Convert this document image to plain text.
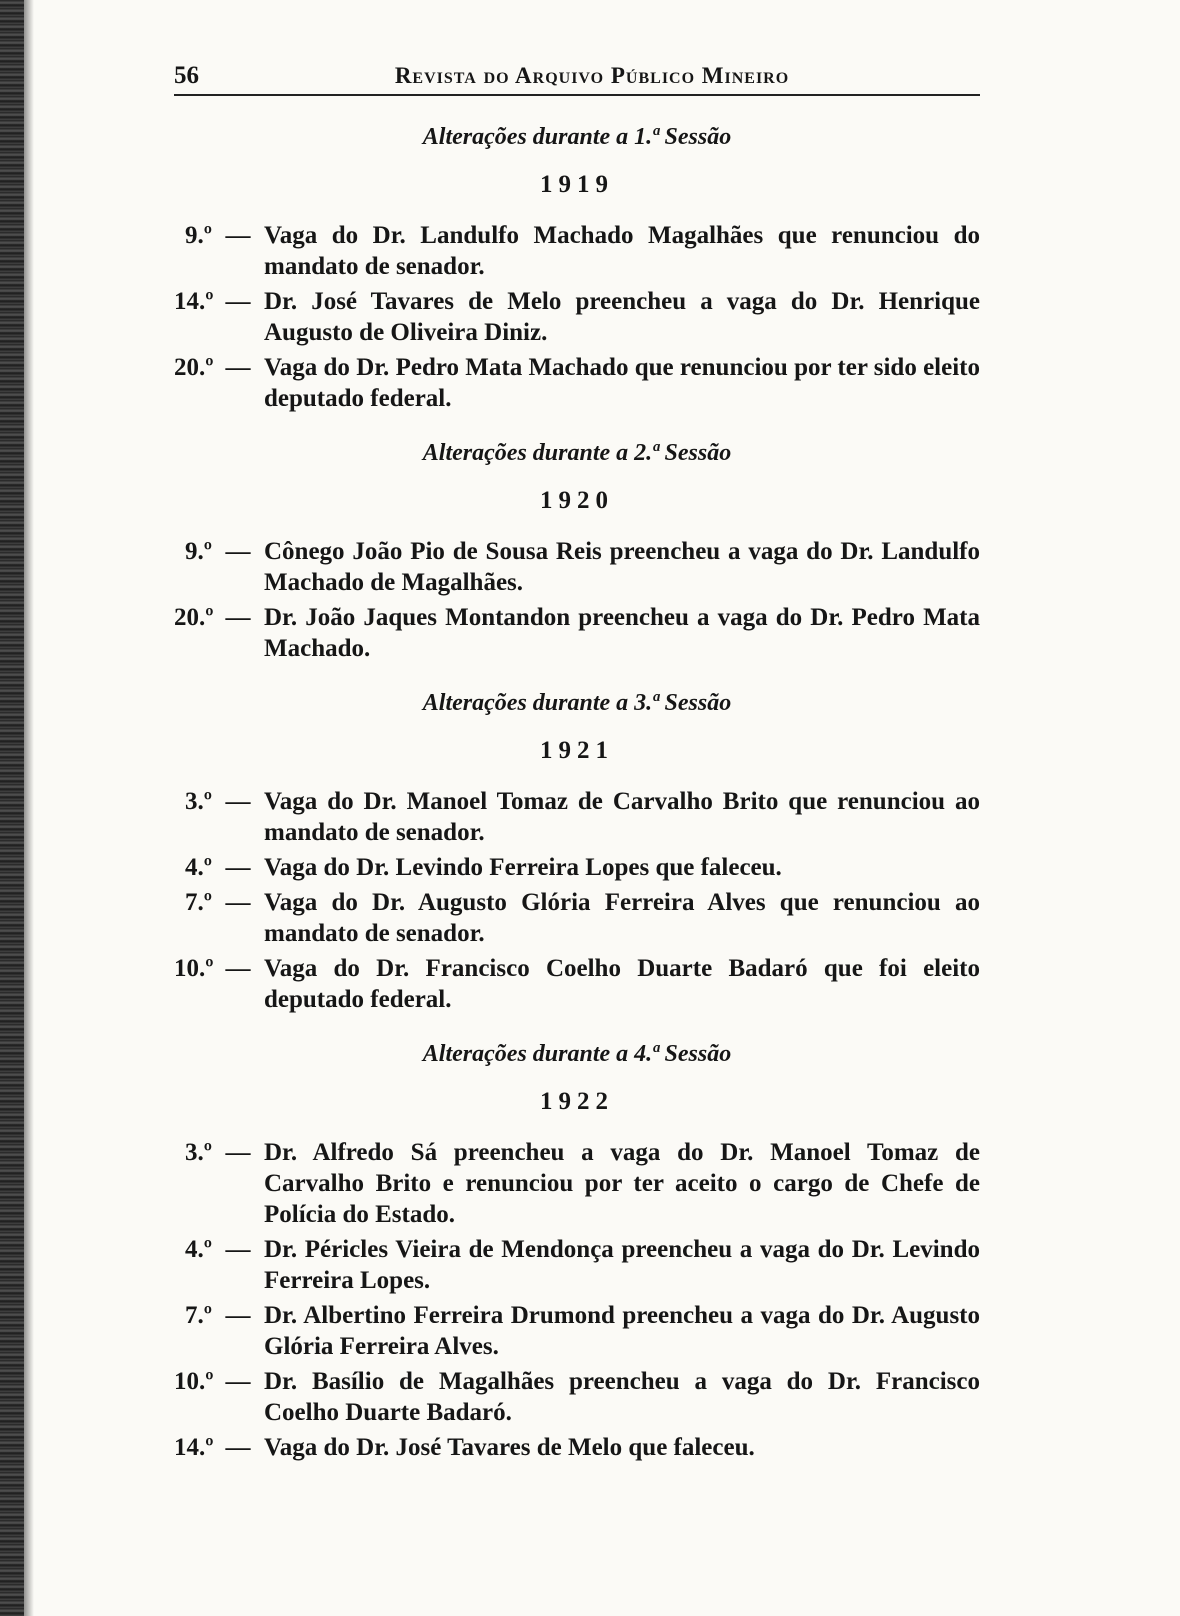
56	Revista do Arquivo Público Mineiro

Alterações durante a 1.ª Sessão

1919
9.º — Vaga do Dr. Landulfo Machado Magalhães que renunciou do mandato de senador.
14.º — Dr. José Tavares de Melo preencheu a vaga do Dr. Henrique Augusto de Oliveira Diniz.
20.º — Vaga do Dr. Pedro Mata Machado que renunciou por ter sido eleito deputado federal.

Alterações durante a 2.ª Sessão

1920
9.º — Cônego João Pio de Sousa Reis preencheu a vaga do Dr. Landulfo Machado de Magalhães.
20.º — Dr. João Jaques Montandon preencheu a vaga do Dr. Pedro Mata Machado.

Alterações durante a 3.ª Sessão

1921
3.º — Vaga do Dr. Manoel Tomaz de Carvalho Brito que renunciou ao mandato de senador.
4.º — Vaga do Dr. Levindo Ferreira Lopes que faleceu.
7.º — Vaga do Dr. Augusto Glória Ferreira Alves que renunciou ao mandato de senador.
10.º — Vaga do Dr. Francisco Coelho Duarte Badaró que foi eleito deputado federal.

Alterações durante a 4.ª Sessão

1922
3.º — Dr. Alfredo Sá preencheu a vaga do Dr. Manoel Tomaz de Carvalho Brito e renunciou por ter aceito o cargo de Chefe de Polícia do Estado.
4.º — Dr. Péricles Vieira de Mendonça preencheu a vaga do Dr. Levindo Ferreira Lopes.
7.º — Dr. Albertino Ferreira Drumond preencheu a vaga do Dr. Augusto Glória Ferreira Alves.
10.º — Dr. Basílio de Magalhães preencheu a vaga do Dr. Francisco Coelho Duarte Badaró.
14.º — Vaga do Dr. José Tavares de Melo que faleceu.
